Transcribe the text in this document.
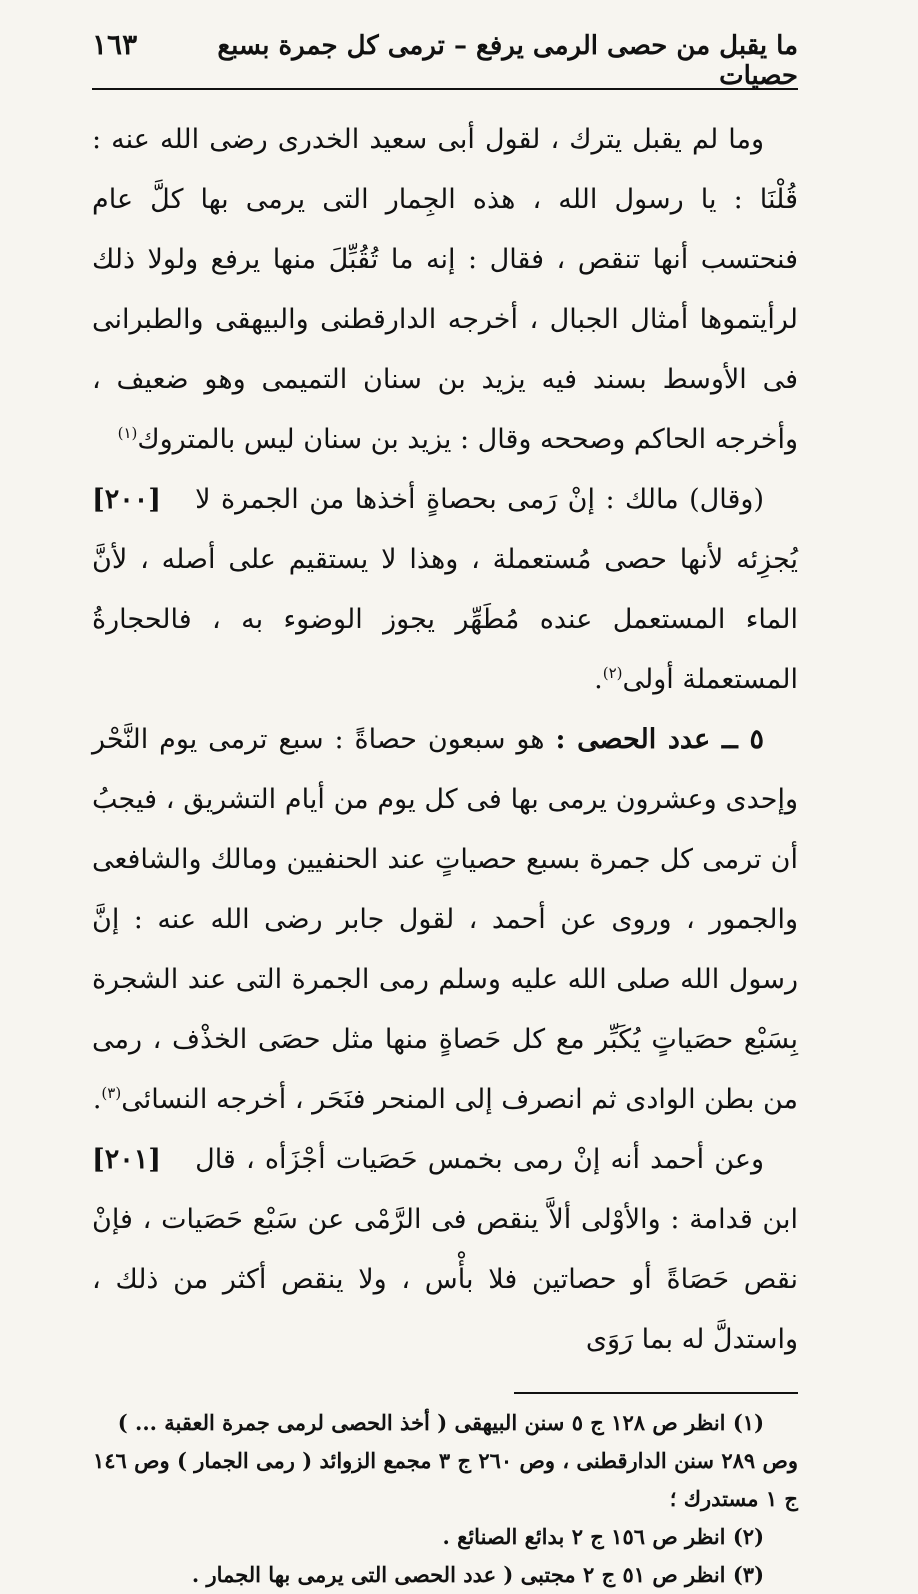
ما يقبل من حصى الرمى يرفع – ترمى كل جمرة بسبع حصيات
١٦٣

وما لم يقبل يترك ، لقول أبى سعيد الخدرى رضى الله عنه : قُلْنَا : يا رسول الله ، هذه الجِمار التى يرمى بها كلَّ عام فنحتسب أنها تنقص ، فقال : إنه ما تُقُبِّلَ منها يرفع ولولا ذلك لرأيتموها أمثال الجبال ، أخرجه الدارقطنى والبيهقى والطبرانى فى الأوسط بسند فيه يزيد بن سنان التميمى وهو ضعيف ، وأخرجه الحاكم وصححه وقال : يزيد بن سنان ليس بالمتروك$^{(١)}$
[٢٠٠]	(وقال) مالك : إنْ رَمى بحصاةٍ أخذها من الجمرة لا يُجزِئه لأنها حصى مُستعملة ، وهذا لا يستقيم على أصله ، لأنَّ الماء المستعمل عنده مُطَهِّر يجوز الوضوء به ، فالحجارةُ المستعملة أولى$^{(٢)}$.

٥ ــ عدد الحصى : هو سبعون حصاةً : سبع ترمى يوم النَّحْر وإحدى وعشرون يرمى بها فى كل يوم من أيام التشريق ، فيجبُ أن ترمى كل جمرة بسبع حصياتٍ عند الحنفيين ومالك والشافعى والجمور ، وروى عن أحمد ، لقول جابر رضى الله عنه : إنَّ رسول الله صلى الله عليه وسلم رمى الجمرة التى عند الشجرة بِسَبْع حصَياتٍ يُكَبِّر مع كل حَصاةٍ منها مثل حصَى الخذْف ، رمى من بطن الوادى ثم انصرف إلى المنحر فنَحَر ، أخرجه النسائى$^{(٣)}$.
[٢٠١]	وعن أحمد أنه إنْ رمى بخمس حَصَيات أجْزَأه ، قال ابن قدامة : والأوْلى ألاَّ ينقص فى الرَّمْى عن سَبْع حَصَيات ، فإنْ نقص حَصَاةً أو حصاتين فلا بأْس ، ولا ينقص أكثر من ذلك ، واستدلَّ له بما رَوَى

(١) انظر ص ١٢٨ ج ٥ سنن البيهقى ( أخذ الحصى لرمى جمرة العقبة ... ) وص ٢٨٩ سنن الدارقطنى ، وص ٢٦٠ ج ٣ مجمع الزوائد ( رمى الجمار ) وص ١٤٦ ج ١ مستدرك ؛

(٢) انظر ص ١٥٦ ج ٢ بدائع الصنائع .

(٣) انظر ص ٥١ ج ٢ مجتبى ( عدد الحصى التى يرمى بها الجمار .
